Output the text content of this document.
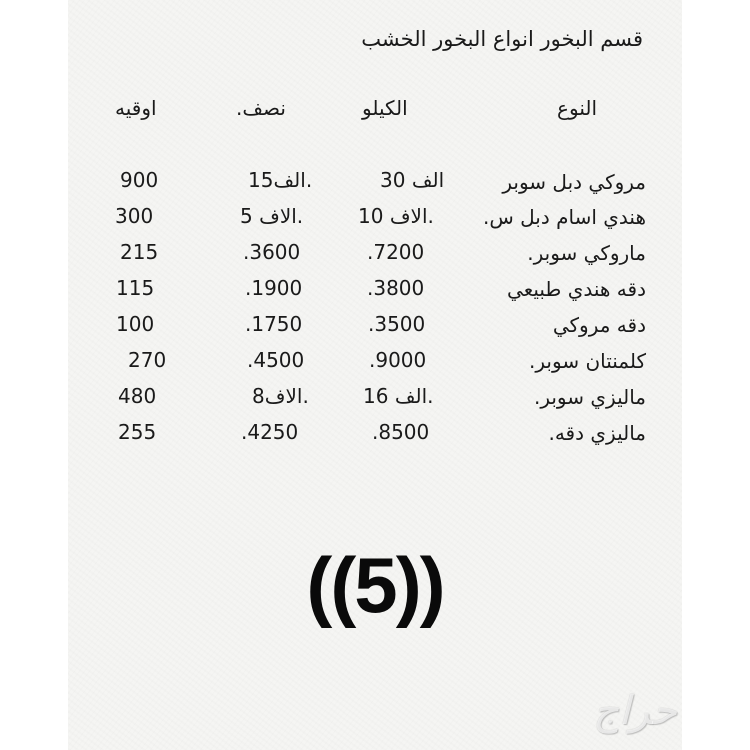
قسم البخور انواع البخور الخشب
النوع
الكيلو
نصف.
اوقيه
مروكي دبل سوبر
30 الف
15الف.
900
هندي اسام دبل س.
10 الاف.
5 الاف.
300
ماروكي سوبر.
.7200
.3600
215
دقه هندي طبيعي
.3800
.1900
115
دقه مروكي
.3500
.1750
100
كلمنتان سوبر.
.9000
.4500
270
ماليزي سوبر.
16 الف.
8الاف.
480
ماليزي دقه.
.8500
.4250
255
((5))
حراج
